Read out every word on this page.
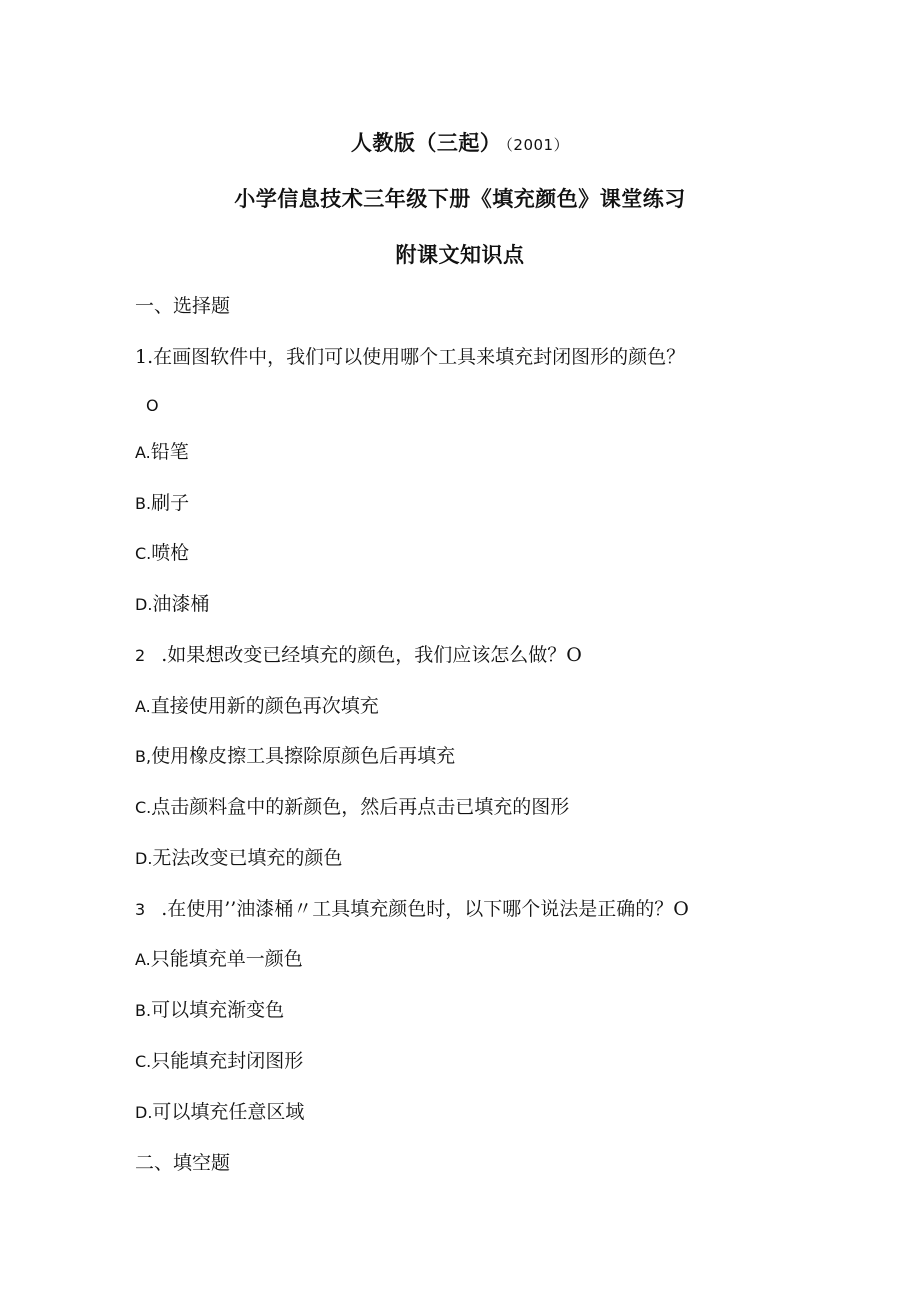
人教版（三起） （2001）
小学信息技术三年级下册《填充颜色》课堂练习
附课文知识点
一、选择题
1.在画图软件中，我们可以使用哪个工具来填充封闭图形的颜色？
O
A.铅笔
B.刷子
C.喷枪
D.油漆桶
2 .如果想改变已经填充的颜色，我们应该怎么做？O
A.直接使用新的颜色再次填充
B,使用橡皮擦工具擦除原颜色后再填充
C.点击颜料盒中的新颜色，然后再点击已填充的图形
D.无法改变已填充的颜色
3 .在使用’’油漆桶〃工具填充颜色时，以下哪个说法是正确的？O
A.只能填充单一颜色
B.可以填充渐变色
C.只能填充封闭图形
D.可以填充任意区域
二、填空题
